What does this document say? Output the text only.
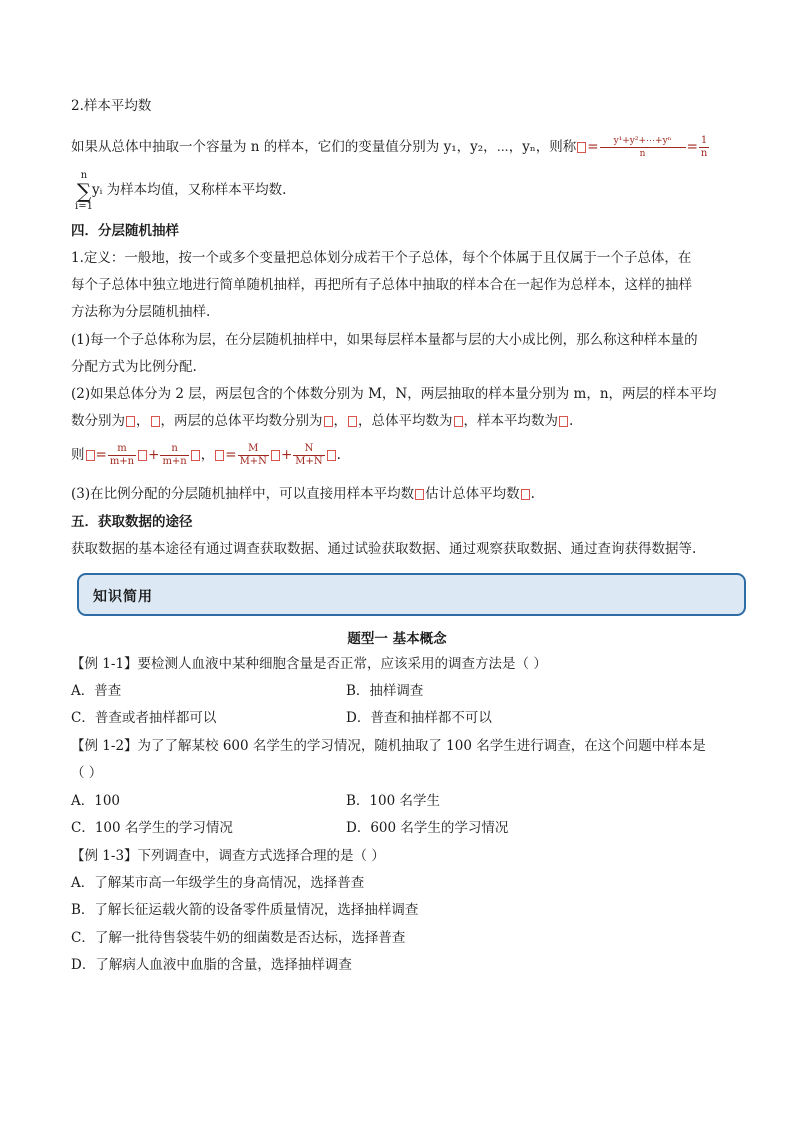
2.样本平均数
如果从总体中抽取一个容量为 n 的样本，它们的变量值分别为 y₁，y₂，⋯，yₙ，则称 = $\frac{\text{y¹+y²+⋯+yⁿ}}{n} = \frac{1}{n}$
n
∑
i=1
yᵢ 为样本均值，又称样本平均数.
四．分层随机抽样
1.定义：一般地，按一个或多个变量把总体划分成若干个子总体，每个个体属于且仅属于一个子总体，在
每个子总体中独立地进行简单随机抽样，再把所有子总体中抽取的样本合在一起作为总样本，这样的抽样
方法称为分层随机抽样.
(1)每一个子总体称为层，在分层随机抽样中，如果每层样本量都与层的大小成比例，那么称这种样本量的
分配方式为比例分配.
(2)如果总体分为 2 层，两层包含的个体数分别为 M，N，两层抽取的样本量分别为 m，n，两层的样本平均
数分别为 ， ，两层的总体平均数分别为 ， ，总体平均数为 ，样本平均数为 .
则 = $\frac{m}{m+n} + \frac{n}{m+n}$ ， = $\frac{M}{M+N} + \frac{N}{M+N}$ .
(3)在比例分配的分层随机抽样中，可以直接用样本平均数 估计总体平均数 .
五．获取数据的途径
获取数据的基本途径有通过调查获取数据、通过试验获取数据、通过观察获取数据、通过查询获得数据等.
知识简用
题型一 基本概念
【例 1-1】要检测人血液中某种细胞含量是否正常，应该采用的调查方法是（ ）
A．普查	B．抽样调查
C．普查或者抽样都可以	D．普查和抽样都不可以
【例 1-2】为了了解某校 600 名学生的学习情况，随机抽取了 100 名学生进行调查，在这个问题中样本是
（ ）
A．100	B．100 名学生
C．100 名学生的学习情况	D．600 名学生的学习情况
【例 1-3】下列调查中，调查方式选择合理的是（ ）
A．了解某市高一年级学生的身高情况，选择普查
B．了解长征运载火箭的设备零件质量情况，选择抽样调查
C．了解一批待售袋装牛奶的细菌数是否达标，选择普查
D．了解病人血液中血脂的含量，选择抽样调查
